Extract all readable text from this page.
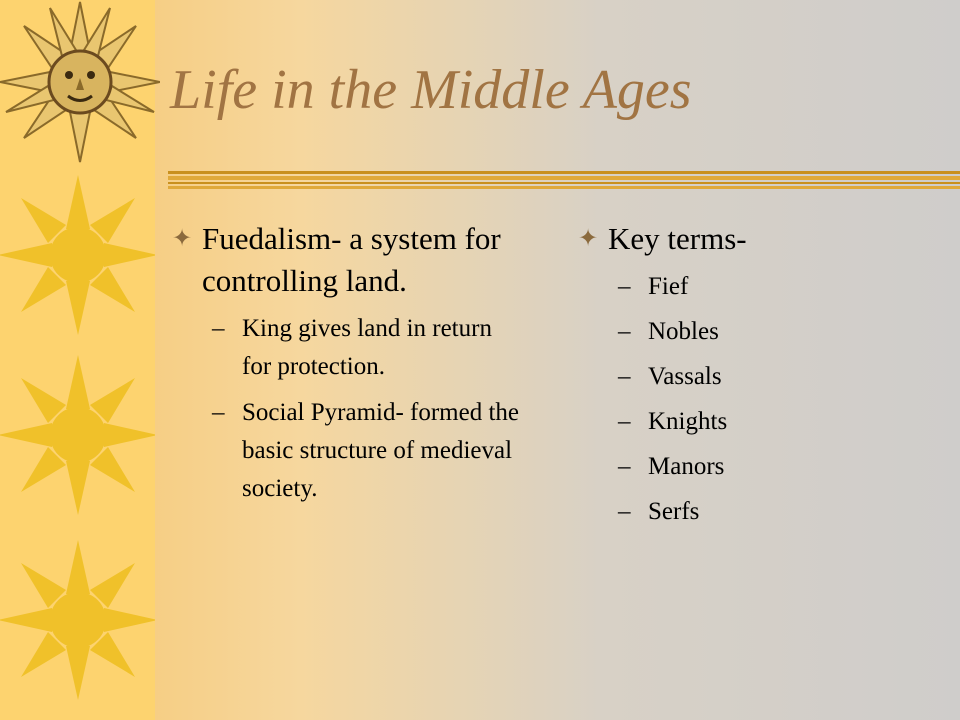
Life in the Middle Ages
✦ Fuedalism- a system for controlling land.
– King gives land in return for protection.
– Social Pyramid- formed the basic structure of medieval society.
✦ Key terms-
– Fief
– Nobles
– Vassals
– Knights
– Manors
– Serfs
